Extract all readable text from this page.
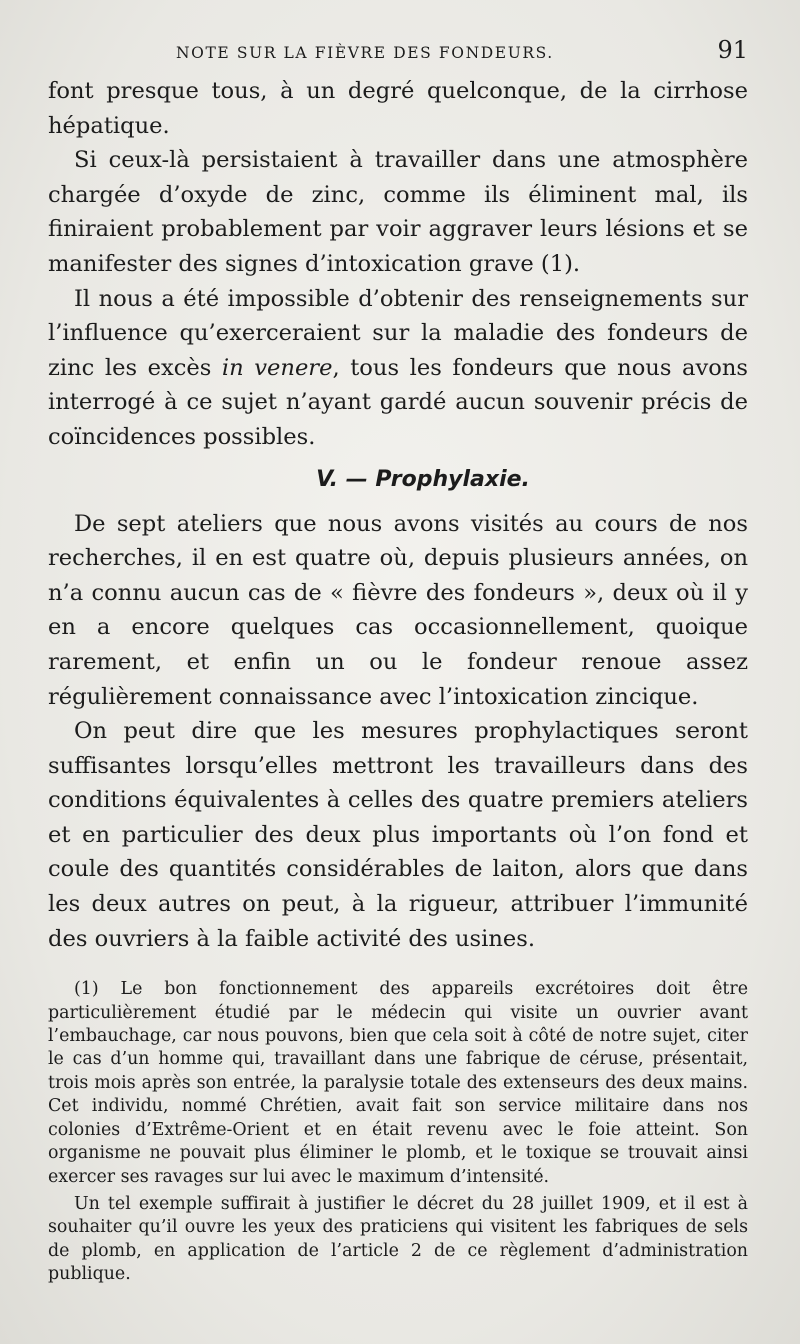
NOTE SUR LA FIÈVRE DES FONDEURS.	91

font presque tous, à un degré quelconque, de la cirrhose hépatique.

Si ceux-là persistaient à travailler dans une atmosphère chargée d’oxyde de zinc, comme ils éliminent mal, ils finiraient probablement par voir aggraver leurs lésions et se manifester des signes d’intoxication grave (1).

Il nous a été impossible d’obtenir des renseignements sur l’influence qu’exerceraient sur la maladie des fondeurs de zinc les excès in venere, tous les fondeurs que nous avons interrogé à ce sujet n’ayant gardé aucun souvenir précis de coïncidences possibles.

V. — Prophylaxie.

De sept ateliers que nous avons visités au cours de nos recherches, il en est quatre où, depuis plusieurs années, on n’a connu aucun cas de « fièvre des fondeurs », deux où il y en a encore quelques cas occasionnellement, quoique rarement, et enfin un ou le fondeur renoue assez régulièrement connaissance avec l’intoxication zincique.

On peut dire que les mesures prophylactiques seront suffisantes lorsqu’elles mettront les travailleurs dans des conditions équivalentes à celles des quatre premiers ateliers et en particulier des deux plus importants où l’on fond et coule des quantités considérables de laiton, alors que dans les deux autres on peut, à la rigueur, attribuer l’immunité des ouvriers à la faible activité des usines.

(1) Le bon fonctionnement des appareils excrétoires doit être particulièrement étudié par le médecin qui visite un ouvrier avant l’embauchage, car nous pouvons, bien que cela soit à côté de notre sujet, citer le cas d’un homme qui, travaillant dans une fabrique de céruse, présentait, trois mois après son entrée, la paralysie totale des extenseurs des deux mains. Cet individu, nommé Chrétien, avait fait son service militaire dans nos colonies d’Extrême-Orient et en était revenu avec le foie atteint. Son organisme ne pouvait plus éliminer le plomb, et le toxique se trouvait ainsi exercer ses ravages sur lui avec le maximum d’intensité.

Un tel exemple suffirait à justifier le décret du 28 juillet 1909, et il est à souhaiter qu’il ouvre les yeux des praticiens qui visitent les fabriques de sels de plomb, en application de l’article 2 de ce règlement d’administration publique.
